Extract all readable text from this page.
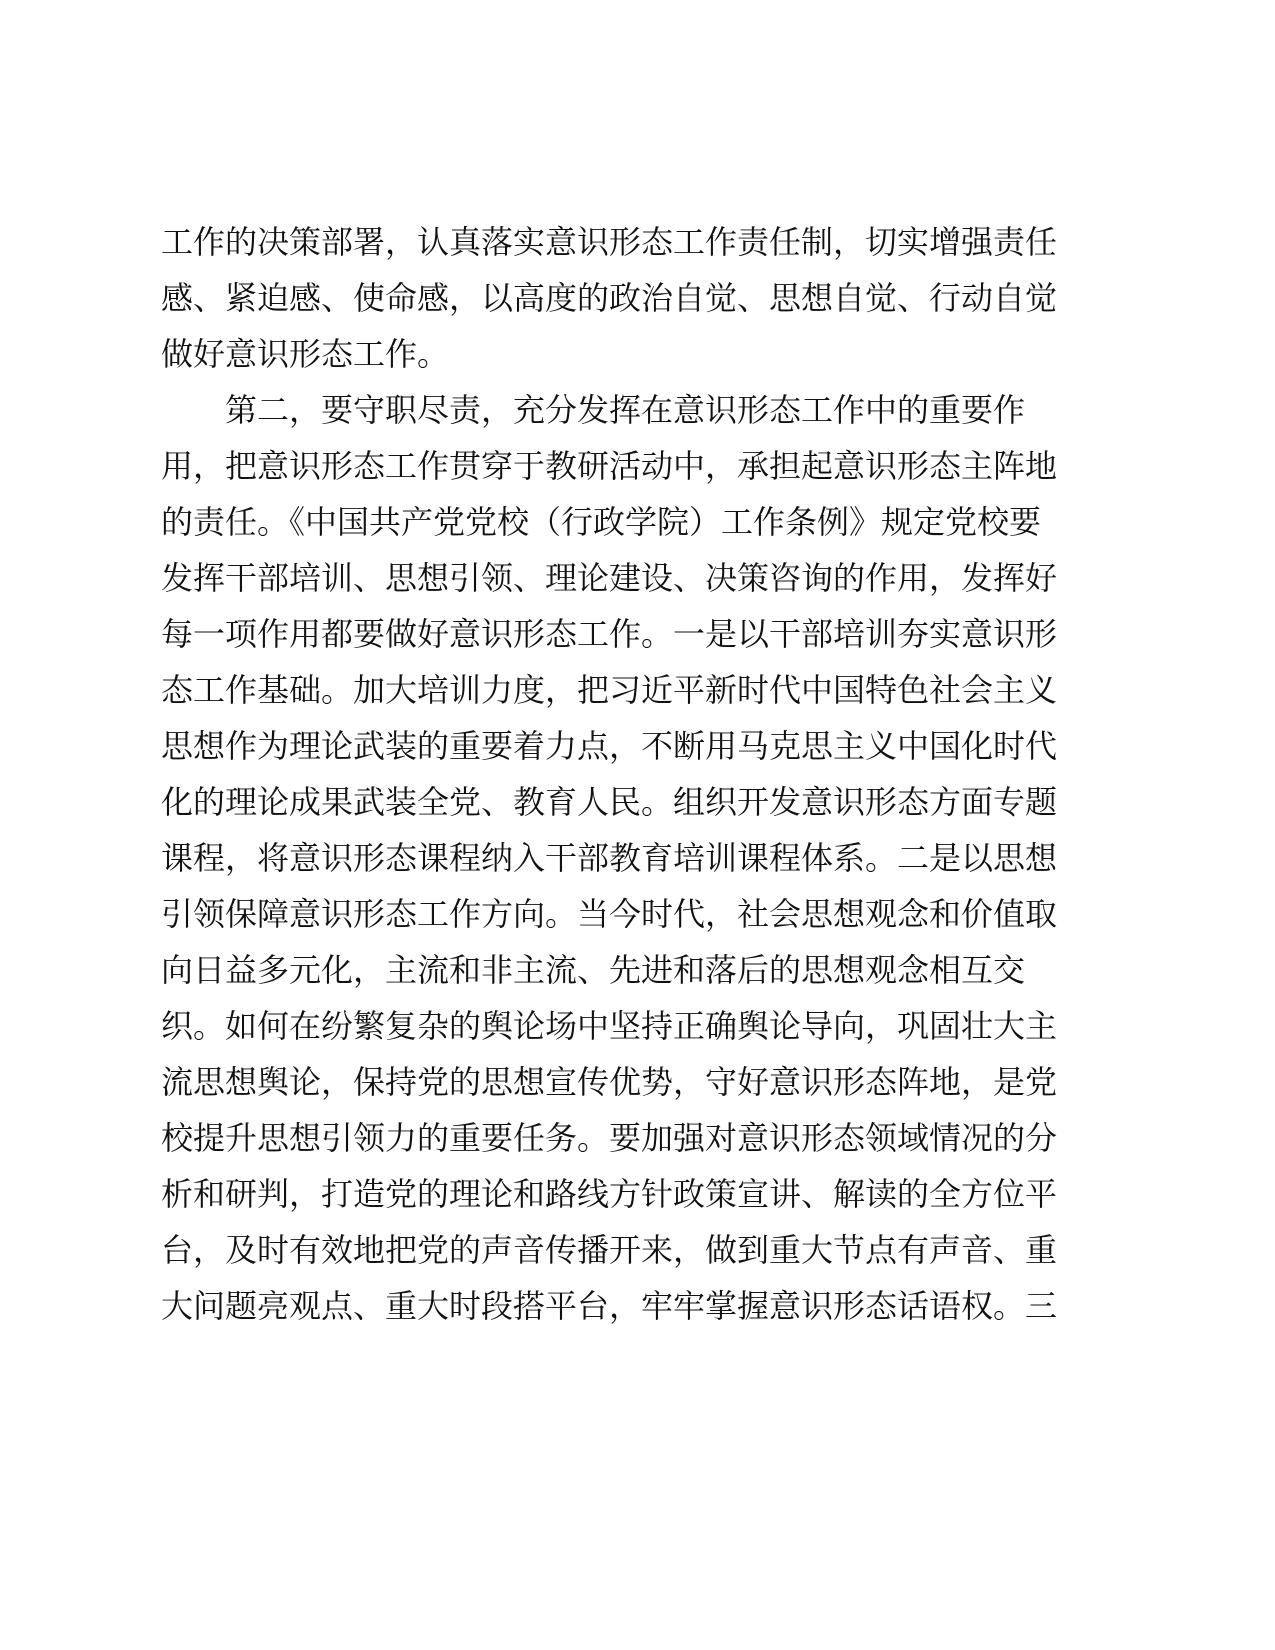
工作的决策部署，认真落实意识形态工作责任制，切实增强责任
感、紧迫感、使命感，以高度的政治自觉、思想自觉、行动自觉
做好意识形态工作。
第二，要守职尽责，充分发挥在意识形态工作中的重要作
用，把意识形态工作贯穿于教研活动中，承担起意识形态主阵地
的责任。《中国共产党党校（行政学院）工作条例》规定党校要
发挥干部培训、思想引领、理论建设、决策咨询的作用，发挥好
每一项作用都要做好意识形态工作。一是以干部培训夯实意识形
态工作基础。加大培训力度，把习近平新时代中国特色社会主义
思想作为理论武装的重要着力点，不断用马克思主义中国化时代
化的理论成果武装全党、教育人民。组织开发意识形态方面专题
课程，将意识形态课程纳入干部教育培训课程体系。二是以思想
引领保障意识形态工作方向。当今时代，社会思想观念和价值取
向日益多元化，主流和非主流、先进和落后的思想观念相互交
织。如何在纷繁复杂的舆论场中坚持正确舆论导向，巩固壮大主
流思想舆论，保持党的思想宣传优势，守好意识形态阵地，是党
校提升思想引领力的重要任务。要加强对意识形态领域情况的分
析和研判，打造党的理论和路线方针政策宣讲、解读的全方位平
台，及时有效地把党的声音传播开来，做到重大节点有声音、重
大问题亮观点、重大时段搭平台，牢牢掌握意识形态话语权。三
